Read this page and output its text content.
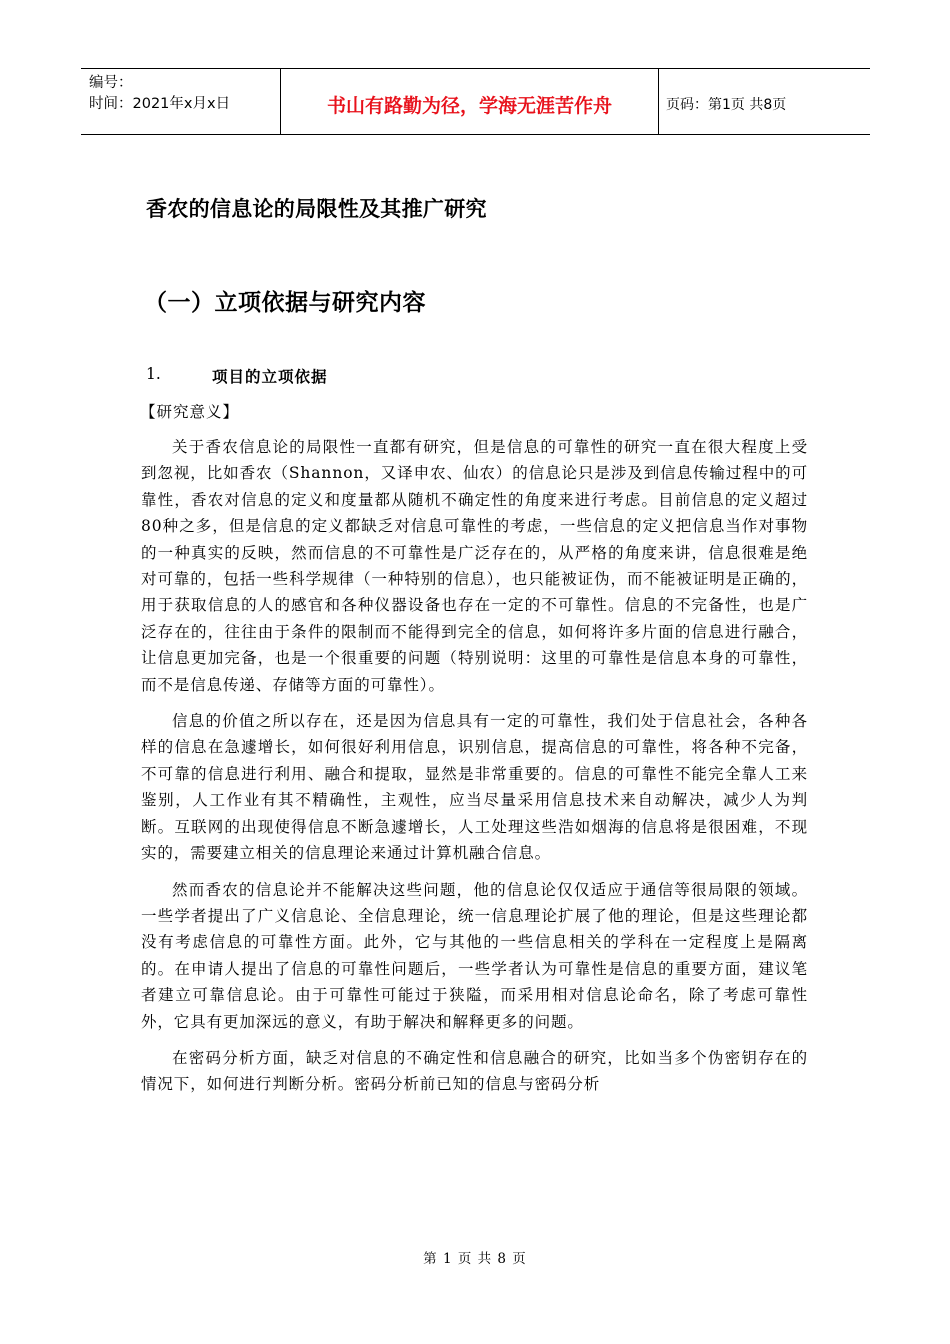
编号：
时间：2021年x月x日	书山有路勤为径，学海无涯苦作舟	页码：第1页 共8页
香农的信息论的局限性及其推广研究
（一）立项依据与研究内容
1.	项目的立项依据
【研究意义】

关于香农信息论的局限性一直都有研究，但是信息的可靠性的研究一直在很大程度上受到忽视，比如香农（Shannon，又译申农、仙农）的信息论只是涉及到信息传输过程中的可靠性，香农对信息的定义和度量都从随机不确定性的角度来进行考虑。目前信息的定义超过80种之多，但是信息的定义都缺乏对信息可靠性的考虑，一些信息的定义把信息当作对事物的一种真实的反映，然而信息的不可靠性是广泛存在的，从严格的角度来讲，信息很难是绝对可靠的，包括一些科学规律（一种特别的信息），也只能被证伪，而不能被证明是正确的，用于获取信息的人的感官和各种仪器设备也存在一定的不可靠性。信息的不完备性，也是广泛存在的，往往由于条件的限制而不能得到完全的信息，如何将许多片面的信息进行融合，让信息更加完备，也是一个很重要的问题（特别说明：这里的可靠性是信息本身的可靠性，而不是信息传递、存储等方面的可靠性）。

信息的价值之所以存在，还是因为信息具有一定的可靠性，我们处于信息社会，各种各样的信息在急遽增长，如何很好利用信息，识别信息，提高信息的可靠性，将各种不完备，不可靠的信息进行利用、融合和提取，显然是非常重要的。信息的可靠性不能完全靠人工来鉴别，人工作业有其不精确性，主观性，应当尽量采用信息技术来自动解决，减少人为判断。互联网的出现使得信息不断急遽增长，人工处理这些浩如烟海的信息将是很困难，不现实的，需要建立相关的信息理论来通过计算机融合信息。

然而香农的信息论并不能解决这些问题，他的信息论仅仅适应于通信等很局限的领域。一些学者提出了广义信息论、全信息理论，统一信息理论扩展了他的理论，但是这些理论都没有考虑信息的可靠性方面。此外，它与其他的一些信息相关的学科在一定程度上是隔离的。在申请人提出了信息的可靠性问题后，一些学者认为可靠性是信息的重要方面，建议笔者建立可靠信息论。由于可靠性可能过于狭隘，而采用相对信息论命名，除了考虑可靠性外，它具有更加深远的意义，有助于解决和解释更多的问题。

在密码分析方面，缺乏对信息的不确定性和信息融合的研究，比如当多个伪密钥存在的情况下，如何进行判断分析。密码分析前已知的信息与密码分析

第 1 页 共 8 页
